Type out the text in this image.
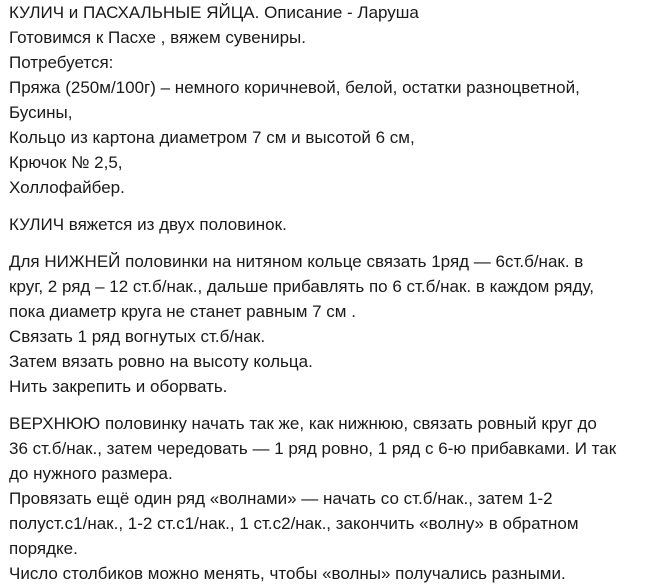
КУЛИЧ и ПАСХАЛЬНЫЕ ЯЙЦА. Описание - Ларуша
Готовимся к Пасхе , вяжем сувениры.
Потребуется:
Пряжа (250м/100г) – немного коричневой, белой, остатки разноцветной,
Бусины,
Кольцо из картона диаметром 7 см и высотой 6 см,
Крючок № 2,5,
Холлофайбер.
КУЛИЧ вяжется из двух половинок.
Для НИЖНЕЙ половинки на нитяном кольце связать 1ряд — 6ст.б/нак. в
круг, 2 ряд – 12 ст.б/нак., дальше прибавлять по 6 ст.б/нак. в каждом ряду,
пока диаметр круга не станет равным 7 см .
Связать 1 ряд вогнутых ст.б/нак.
Затем вязать ровно на высоту кольца.
Нить закрепить и оборвать.
ВЕРХНЮЮ половинку начать так же, как нижнюю, связать ровный круг до
36 ст.б/нак., затем чередовать — 1 ряд ровно, 1 ряд с 6-ю прибавками. И так
до нужного размера.
Провязать ещё один ряд «волнами» — начать со ст.б/нак., затем 1-2
полуст.с1/нак., 1-2 ст.с1/нак., 1 ст.с2/нак., закончить «волну» в обратном
порядке.
Число столбиков можно менять, чтобы «волны» получались разными.
